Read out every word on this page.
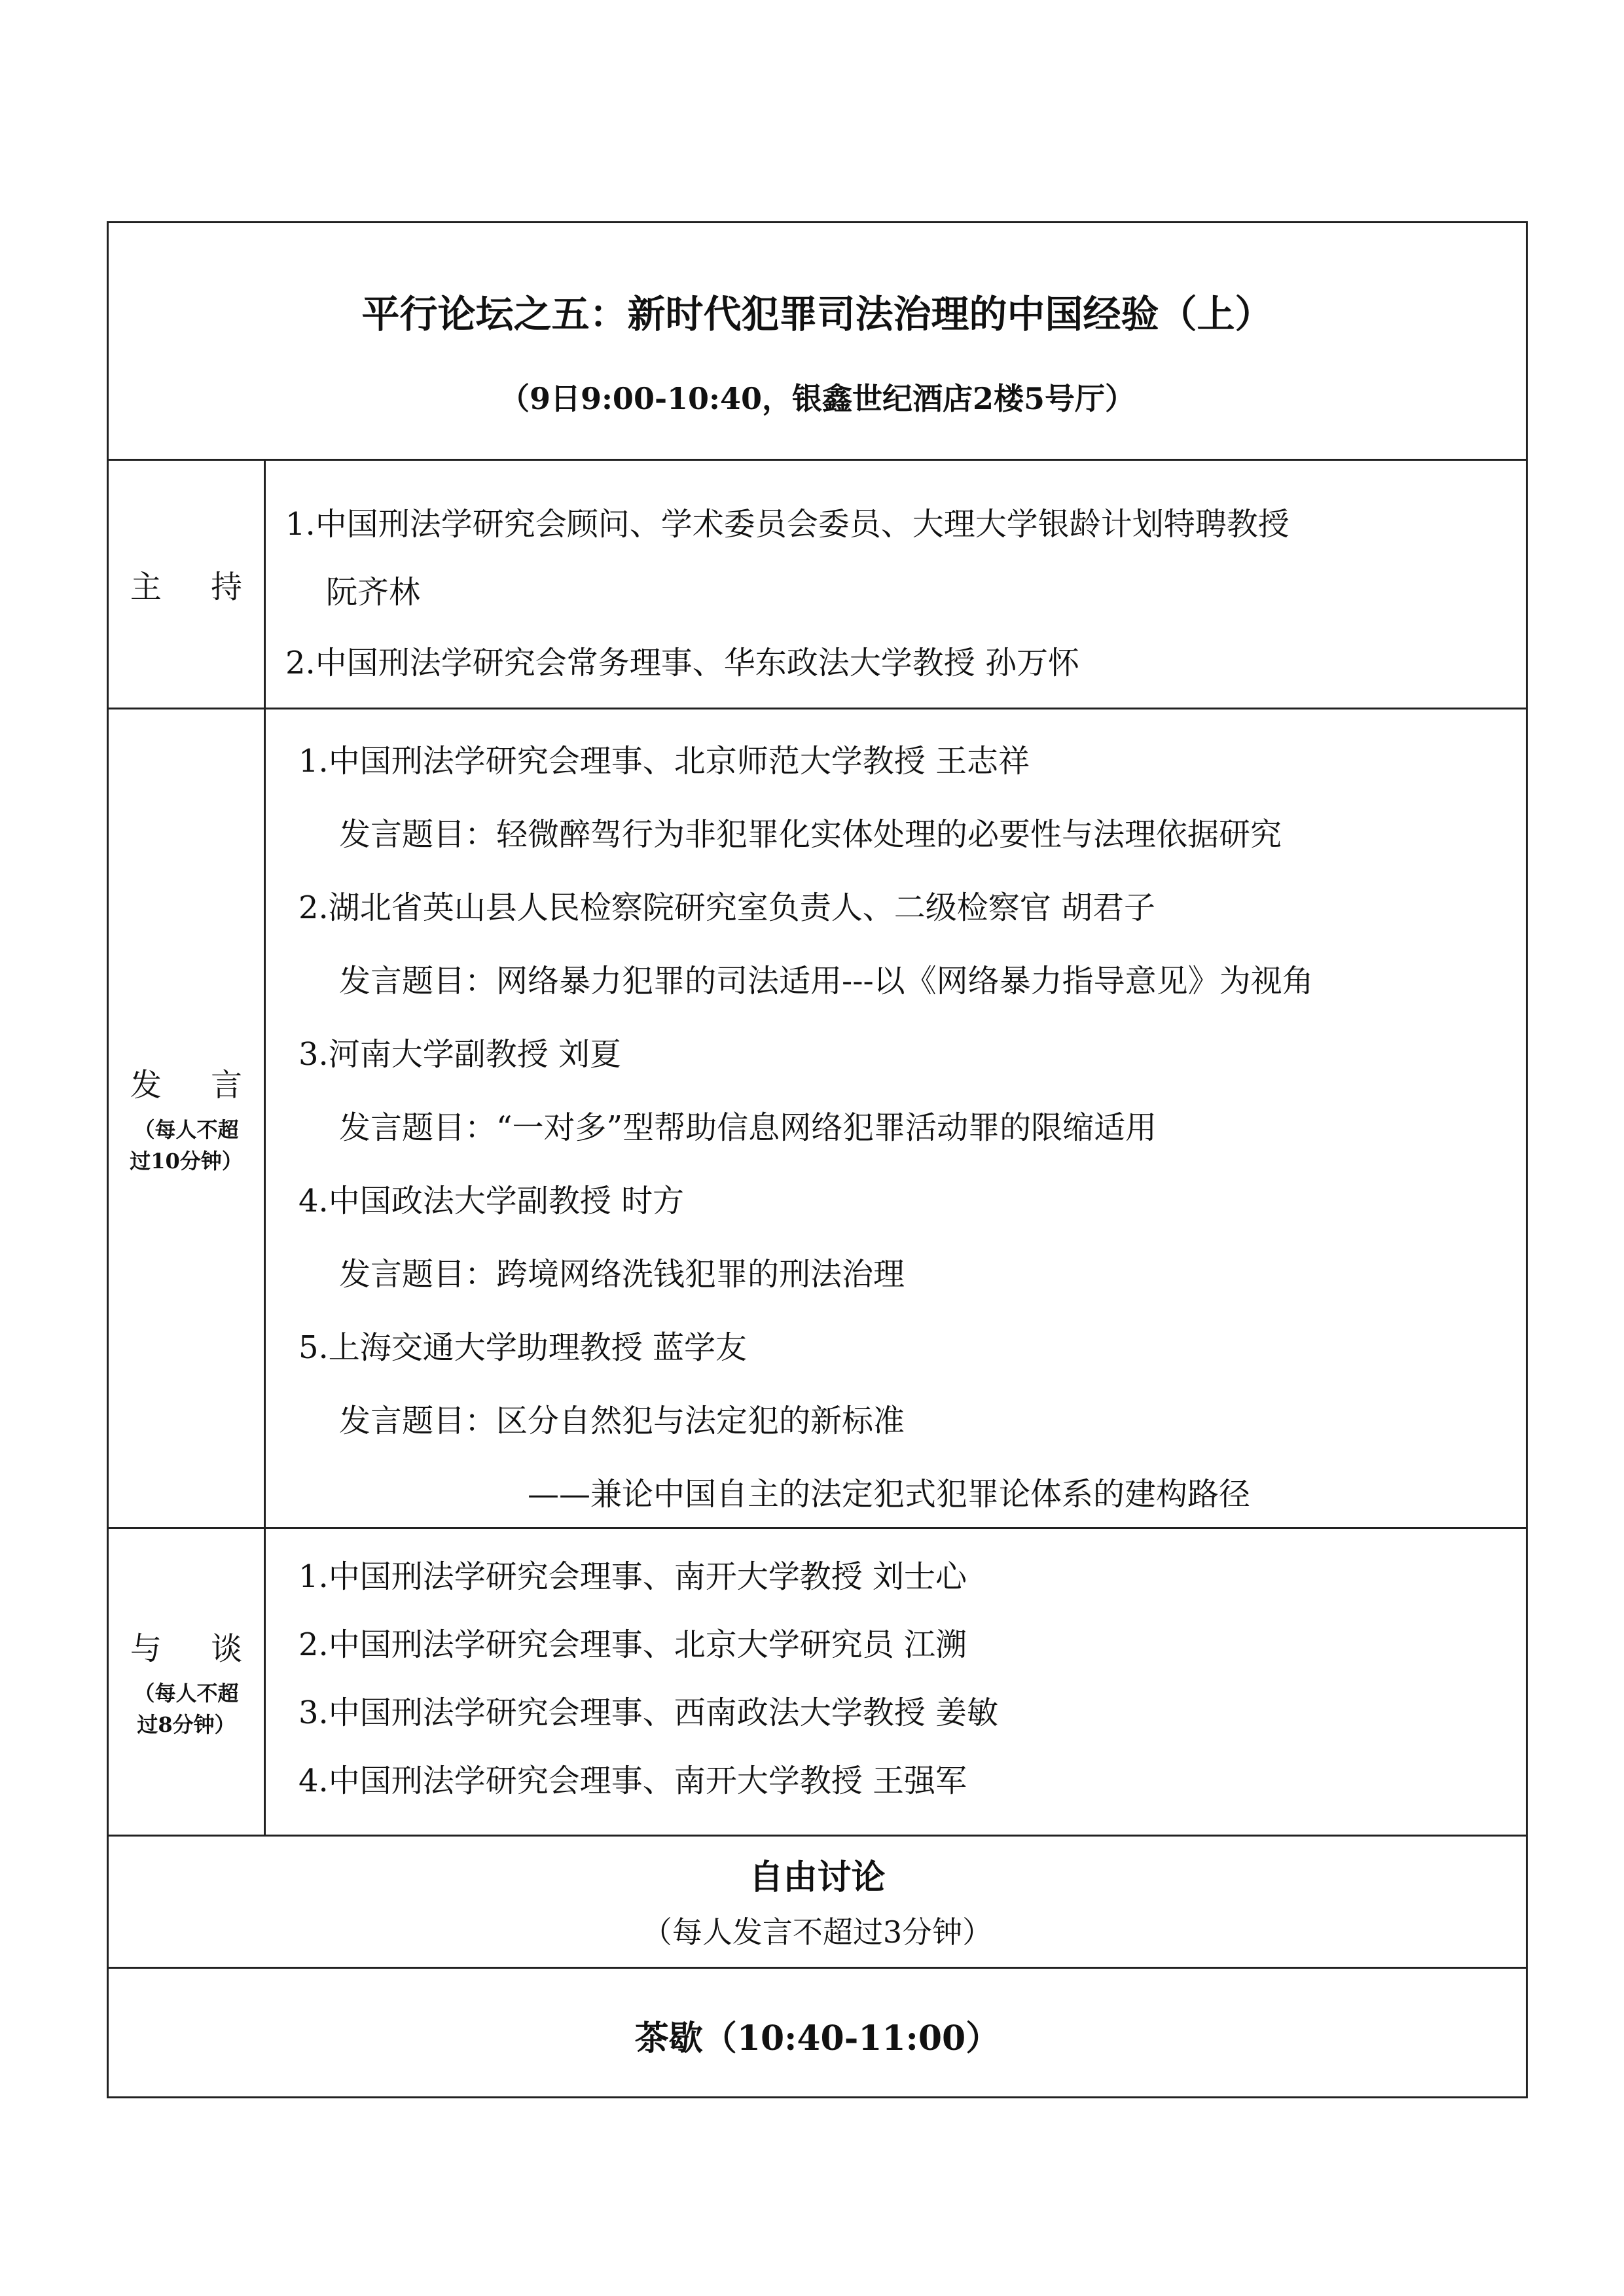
平行论坛之五：新时代犯罪司法治理的中国经验（上）
（9日9:00-10:40，银鑫世纪酒店2楼5号厅）
主 持
1.中国刑法学研究会顾问、学术委员会委员、大理大学银龄计划特聘教授
阮齐林
2.中国刑法学研究会常务理事、华东政法大学教授 孙万怀
发 言
（每人不超过10分钟）
1.中国刑法学研究会理事、北京师范大学教授 王志祥
发言题目：轻微醉驾行为非犯罪化实体处理的必要性与法理依据研究
2.湖北省英山县人民检察院研究室负责人、二级检察官 胡君子
发言题目：网络暴力犯罪的司法适用---以《网络暴力指导意见》为视角
3.河南大学副教授 刘夏
发言题目：“一对多”型帮助信息网络犯罪活动罪的限缩适用
4.中国政法大学副教授 时方
发言题目：跨境网络洗钱犯罪的刑法治理
5.上海交通大学助理教授 蓝学友
发言题目：区分自然犯与法定犯的新标准
——兼论中国自主的法定犯式犯罪论体系的建构路径
与 谈
（每人不超过8分钟）
1.中国刑法学研究会理事、南开大学教授 刘士心
2.中国刑法学研究会理事、北京大学研究员 江溯
3.中国刑法学研究会理事、西南政法大学教授 姜敏
4.中国刑法学研究会理事、南开大学教授 王强军
自由讨论
（每人发言不超过3分钟）
茶歇（10:40-11:00）
